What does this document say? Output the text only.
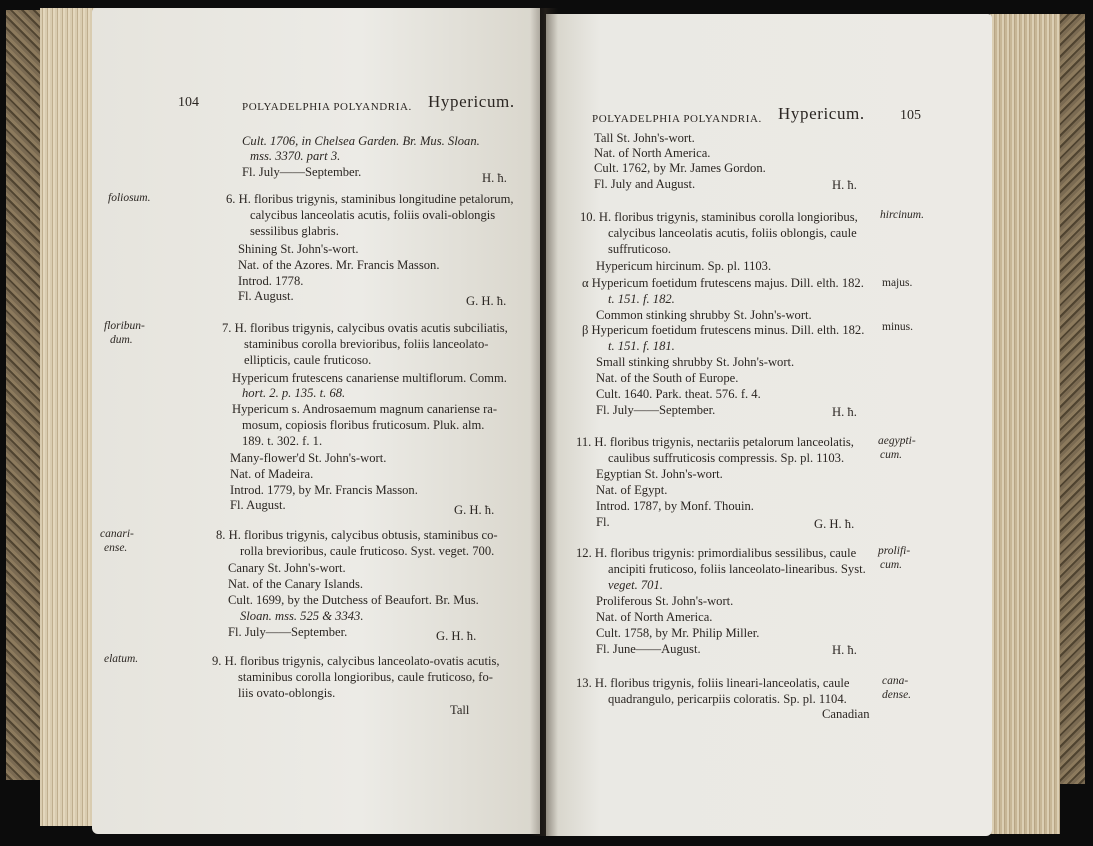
104	POLYADELPHIA POLYANDRIA. Hypericum.
foliosum.
floribun-
dum.
canari-
ense.
elatum.
Cult. 1706, in Chelsea Garden. Br. Mus. Sloan.
mss. 3370. part 3.
Fl. July——September.	H. ħ.
6. H. floribus trigynis, staminibus longitudine petalorum,
calycibus lanceolatis acutis, foliis ovali-oblongis
sessilibus glabris.
Shining St. John's-wort.
Nat. of the Azores. Mr. Francis Masson.
Introd. 1778.
Fl. August.	G. H. ħ.
7. H. floribus trigynis, calycibus ovatis acutis subciliatis,
staminibus corolla brevioribus, foliis lanceolato-
ellipticis, caule fruticoso.
Hypericum frutescens canariense multiflorum. Comm.
hort. 2. p. 135. t. 68.
Hypericum s. Androsaemum magnum canariense ra-
mosum, copiosis floribus fruticosum. Pluk. alm.
189. t. 302. f. 1.
Many-flower'd St. John's-wort.
Nat. of Madeira.
Introd. 1779, by Mr. Francis Masson.
Fl. August.	G. H. ħ.
8. H. floribus trigynis, calycibus obtusis, staminibus co-
rolla brevioribus, caule fruticoso. Syst. veget. 700.
Canary St. John's-wort.
Nat. of the Canary Islands.
Cult. 1699, by the Dutchess of Beaufort. Br. Mus.
Sloan. mss. 525 & 3343.
Fl. July——September.	G. H. ħ.
9. H. floribus trigynis, calycibus lanceolato-ovatis acutis,
staminibus corolla longioribus, caule fruticoso, fo-
liis ovato-oblongis.
Tall
POLYADELPHIA POLYANDRIA. Hypericum.	105
hircinum.
majus.
minus.
aegypti-
cum.
prolifi-
cum.
cana-
dense.
Tall St. John's-wort.
Nat. of North America.
Cult. 1762, by Mr. James Gordon.
Fl. July and August.	H. ħ.
10. H. floribus trigynis, staminibus corolla longioribus,
calycibus lanceolatis acutis, foliis oblongis, caule
suffruticoso.
Hypericum hircinum. Sp. pl. 1103.
α Hypericum foetidum frutescens majus. Dill. elth. 182.
t. 151. f. 182.
Common stinking shrubby St. John's-wort.
β Hypericum foetidum frutescens minus. Dill. elth. 182.
t. 151. f. 181.
Small stinking shrubby St. John's-wort.
Nat. of the South of Europe.
Cult. 1640. Park. theat. 576. f. 4.
Fl. July——September.	H. ħ.
11. H. floribus trigynis, nectariis petalorum lanceolatis,
caulibus suffruticosis compressis. Sp. pl. 1103.
Egyptian St. John's-wort.
Nat. of Egypt.
Introd. 1787, by Monf. Thouin.
Fl.	G. H. ħ.
12. H. floribus trigynis: primordialibus sessilibus, caule
ancipiti fruticoso, foliis lanceolato-linearibus. Syst.
veget. 701.
Proliferous St. John's-wort.
Nat. of North America.
Cult. 1758, by Mr. Philip Miller.
Fl. June——August.	H. ħ.
13. H. floribus trigynis, foliis lineari-lanceolatis, caule
quadrangulo, pericarpiis coloratis. Sp. pl. 1104.
Canadian
